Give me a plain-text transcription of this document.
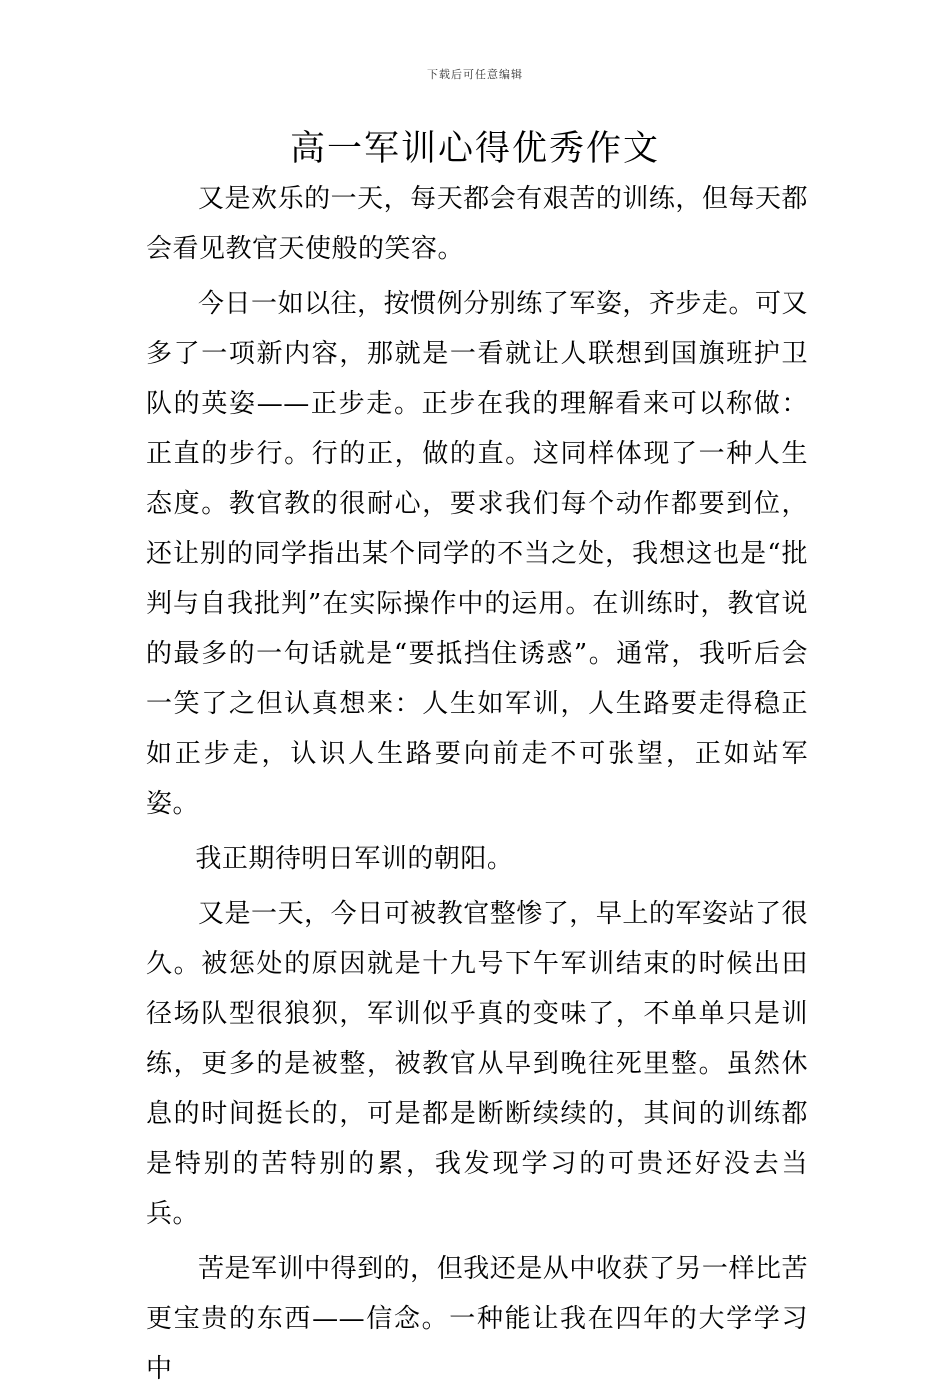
下载后可任意编辑
高一军训心得优秀作文

又是欢乐的一天，每天都会有艰苦的训练，但每天都会看见教官天使般的笑容。

今日一如以往，按惯例分别练了军姿，齐步走。可又多了一项新内容，那就是一看就让人联想到国旗班护卫队的英姿——正步走。正步在我的理解看来可以称做：正直的步行。行的正，做的直。这同样体现了一种人生态度。教官教的很耐心，要求我们每个动作都要到位，还让别的同学指出某个同学的不当之处，我想这也是“批判与自我批判”在实际操作中的运用。在训练时，教官说的最多的一句话就是“要抵挡住诱惑”。通常，我听后会一笑了之但认真想来：人生如军训，人生路要走得稳正如正步走，认识人生路要向前走不可张望，正如站军姿。

我正期待明日军训的朝阳。

又是一天，今日可被教官整惨了，早上的军姿站了很久。被惩处的原因就是十九号下午军训结束的时候出田径场队型很狼狈，军训似乎真的变味了，不单单只是训练，更多的是被整，被教官从早到晚往死里整。虽然休息的时间挺长的，可是都是断断续续的，其间的训练都是特别的苦特别的累，我发现学习的可贵还好没去当兵。

苦是军训中得到的，但我还是从中收获了另一样比苦更宝贵的东西——信念。一种能让我在四年的大学学习中
